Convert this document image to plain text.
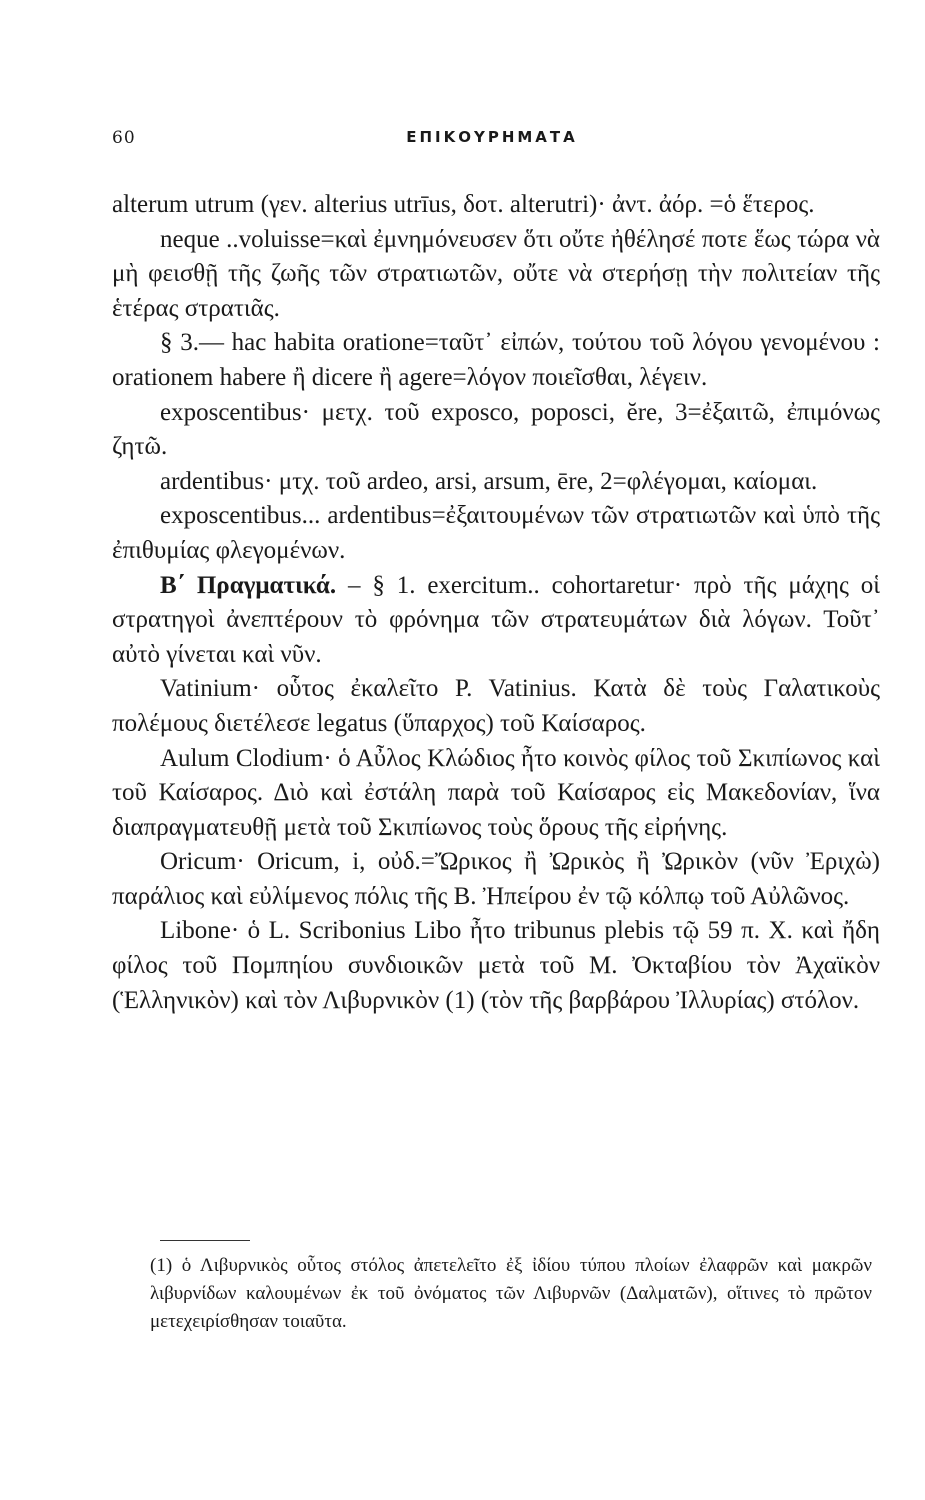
60	ΕΠΙΚΟΥΡΗΜΑΤΑ

alterum utrum (γεν. alterius utrīus, δοτ. alterutri)· ἀντ. ἀόρ. =ὁ ἕτερος.

neque ..voluisse=καὶ ἐμνημόνευσεν ὅτι οὔτε ἠθέλησέ ποτε ἕως τώρα νὰ μὴ φεισθῇ τῆς ζωῆς τῶν στρατιωτῶν, οὔτε νὰ στερήσῃ τὴν πολιτείαν τῆς ἑτέρας στρατιᾶς.

§ 3.— hac habita oratione=ταῦτ᾿ εἰπών, τούτου τοῦ λόγου γενομένου : orationem habere ἢ dicere ἢ agere=λόγον ποιεῖσθαι, λέγειν.

exposcentibus· μετχ. τοῦ exposco, poposci, ĕre, 3=ἐξαιτῶ, ἐπιμόνως ζητῶ.

ardentibus· μτχ. τοῦ ardeo, arsi, arsum, ēre, 2=φλέγομαι, καίομαι.

exposcentibus... ardentibus=ἐξαιτουμένων τῶν στρατιωτῶν καὶ ὑπὸ τῆς ἐπιθυμίας φλεγομένων.

Β΄ Πραγματικά. – § 1. exercitum.. cohortaretur· πρὸ τῆς μάχης οἱ στρατηγοὶ ἀνεπτέρουν τὸ φρόνημα τῶν στρατευμάτων διὰ λόγων. Τοῦτ᾿ αὐτὸ γίνεται καὶ νῦν.

Vatinium· οὗτος ἐκαλεῖτο P. Vatinius. Κατὰ δὲ τοὺς Γαλατικοὺς πολέμους διετέλεσε legatus (ὕπαρχος) τοῦ Καίσαρος.

Aulum Clodium· ὁ Αὖλος Κλώδιος ἦτο κοινὸς φίλος τοῦ Σκιπίωνος καὶ τοῦ Καίσαρος. Διὸ καὶ ἐστάλη παρὰ τοῦ Καίσαρος εἰς Μακεδονίαν, ἵνα διαπραγματευθῇ μετὰ τοῦ Σκιπίωνος τοὺς ὅρους τῆς εἰρήνης.

Oricum· Oricum, i, οὐδ.=Ὤρικος ἢ Ὠρικὸς ἢ Ὠρικὸν (νῦν Ἐριχὼ) παράλιος καὶ εὐλίμενος πόλις τῆς Β. Ἠπείρου ἐν τῷ κόλπῳ τοῦ Αὐλῶνος.

Libone· ὁ L. Scribonius Libo ἦτο tribunus plebis τῷ 59 π. Χ. καὶ ἤδη φίλος τοῦ Πομπηίου συνδιοικῶν μετὰ τοῦ Μ. Ὀκταβίου τὸν Ἀχαϊκὸν (Ἑλληνικὸν) καὶ τὸν Λιβυρνικὸν (1) (τὸν τῆς βαρβάρου Ἰλλυρίας) στόλον.

(1) ὁ Λιβυρνικὸς οὗτος στόλος ἀπετελεῖτο ἐξ ἰδίου τύπου πλοίων ἐλαφρῶν καὶ μακρῶν λιβυρνίδων καλουμένων ἐκ τοῦ ὀνόματος τῶν Λιβυρνῶν (Δαλματῶν), οἵτινες τὸ πρῶτον μετεχειρίσθησαν τοιαῦτα.
